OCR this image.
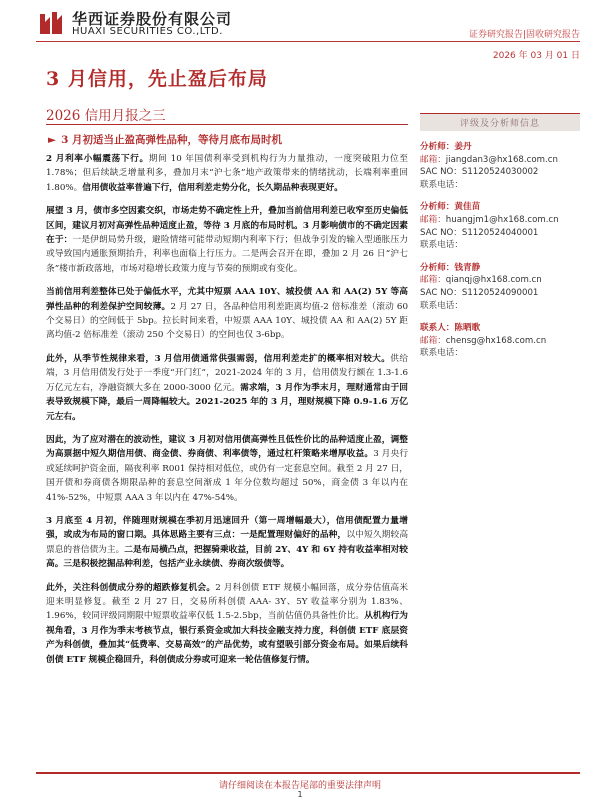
华西证券股份有限公司
HUAXI SECURITIES CO.,LTD.	证券研究报告|固收研究报告
2026 年 03 月 01 日
3 月信用，先止盈后布局
2026 信用月报之三
► 3 月初适当止盈高弹性品种，等待月底布局时机

2 月利率小幅震荡下行。期间 10 年国债利率受到机构行为力量推动，一度突破阻力位至 1.78%；但后续缺乏增量利多，叠加月末“沪七条”地产政策带来的情绪扰动，长端利率重回 1.80%。信用债收益率普遍下行，信用利差走势分化，长久期品种表现更好。

展望 3 月，债市多空因素交织，市场走势不确定性上升，叠加当前信用利差已收窄至历史偏低区间，建议月初对高弹性品种适度止盈，等待 3 月底的布局时机。3 月影响债市的不确定因素在于：一是伊朗局势升级，避险情绪可能带动短期内利率下行；但战争引发的输入型通胀压力或导致国内通胀预期抬升，利率也面临上行压力。二是两会召开在即，叠加 2 月 26 日“沪七条”楼市新政落地，市场对稳增长政策力度与节奏的预期或有变化。

当前信用利差整体已处于偏低水平，尤其中短票 AAA 10Y、城投债 AA 和 AA(2) 5Y 等高弹性品种的利差保护空间较薄。2 月 27 日，各品种信用利差距离均值-2 倍标准差（滚动 60 个交易日）的空间低于 5bp。拉长时间来看，中短票 AAA 10Y、城投债 AA 和 AA(2) 5Y 距离均值-2 倍标准差（滚动 250 个交易日）的空间也仅 3-6bp。

此外，从季节性规律来看，3 月信用债通常供强需弱，信用利差走扩的概率相对较大。供给端，3 月信用债发行处于一季度“开门红”，2021-2024 年的 3 月，信用债发行额在 1.3-1.6 万亿元左右，净融资额大多在 2000-3000 亿元。需求端，3 月作为季末月，理财通常由于回表导致规模下降，最后一周降幅较大。2021-2025 年的 3 月，理财规模下降 0.9-1.6 万亿元左右。

因此，为了应对潜在的波动性，建议 3 月初对信用债高弹性且低性价比的品种适度止盈，调整为高票据中短久期信用债、商金债、券商债、利率债等，通过杠杆策略来增厚收益。3 月央行或延续呵护资金面，隔夜利率 R001 保持相对低位，或仍有一定套息空间。截至 2 月 27 日，国开债和券商债各期限品种的套息空间渐成 1 年分位数均超过 50%，商金债 3 年以内在 41%-52%，中短票 AAA 3 年以内在 47%-54%。

3 月底至 4 月初，伴随理财规模在季初月迅速回升（第一周增幅最大），信用债配置力量增强，或成为布局的窗口期。具体思路主要有三点：一是配置理财偏好的品种，以中短久期较高票息的普信债为主。二是布局横凸点，把握骑乘收益，目前 2Y、4Y 和 6Y 持有收益率相对较高。三是积极挖掘品种利差，包括产业永续债、券商次级债等。

此外，关注科创债成分券的超跌修复机会。2 月科创债 ETF 规模小幅回落，成分券估值高米迎来明显修复。截至 2 月 27 日，交易所科创债 AAA- 3Y、5Y 收益率分别为 1.83%、1.96%，较同评级同期限中短票收益率仅低 1.5-2.5bp，当前估值仍具备性价比。从机构行为视角看，3 月作为季末考核节点，银行系资金或加大科技金融支持力度，科创债 ETF 底层资产为科创债，叠加其“低费率、交易高效”的产品优势，或有望吸引部分资金布局。如果后续科创债 ETF 规模企稳回升，科创债成分券或可迎来一轮估值修复行情。

评级及分析师信息
分析师：姜丹
邮箱：jiangdan3@hx168.com.cn
SAC NO：S1120524030002
联系电话：
分析师：黄佳苗
邮箱：huangjm1@hx168.com.cn
SAC NO：S1120524040001
联系电话：
分析师：钱青静
邮箱：qianqj@hx168.com.cn
SAC NO：S1120524090001
联系电话：
联系人：陈晒歌
邮箱：chensg@hx168.com.cn
联系电话：
请仔细阅读在本报告尾部的重要法律声明
1
